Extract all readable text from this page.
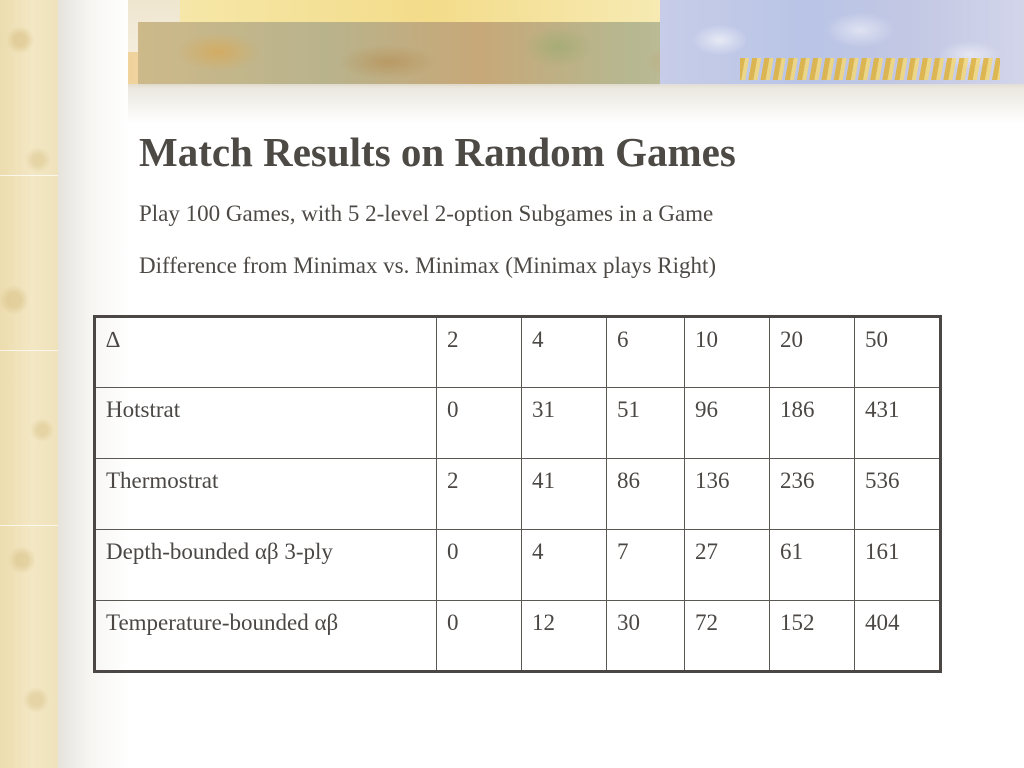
Match Results on Random Games

Play 100 Games, with 5 2-level 2-option Subgames in a Game

Difference from Minimax vs. Minimax (Minimax plays Right)

∆	2	4	6	10	20	50
Hotstrat	0	31	51	96	186	431
Thermostrat	2	41	86	136	236	536
Depth-bounded αβ 3-ply	0	4	7	27	61	161
Temperature-bounded αβ	0	12	30	72	152	404
